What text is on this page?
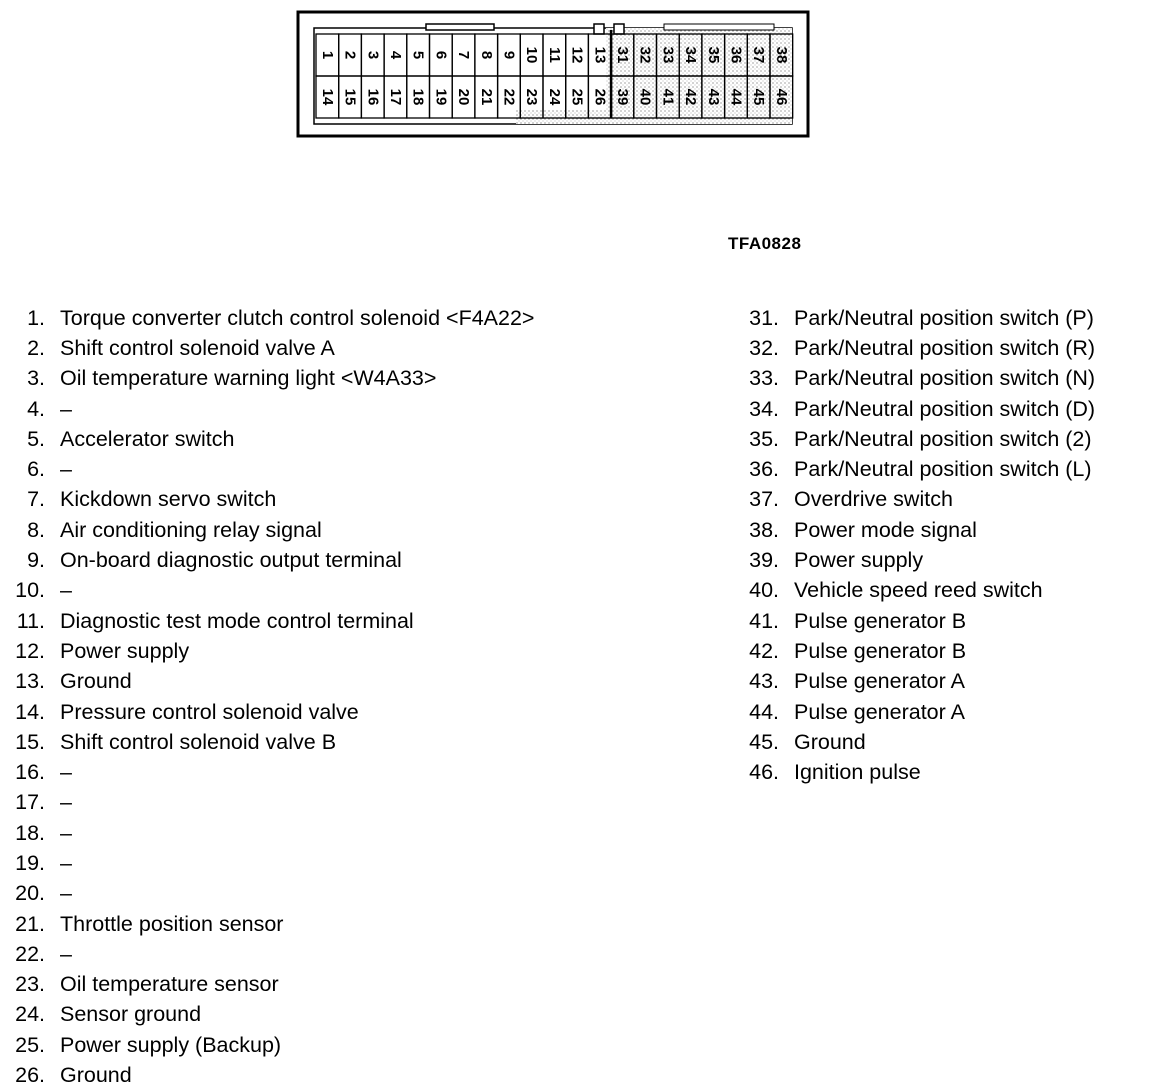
1
14
2
15
3
16
4
17
5
18
6
19
7
20
8
21
9
22
10
23
11
24
12
25
13
26
31
39
32
40
33
41
34
42
35
43
36
44
37
45
38
46
TFA0828
1. Torque converter clutch control solenoid <F4A22>
2. Shift control solenoid valve A
3. Oil temperature warning light <W4A33>
4. –
5. Accelerator switch
6. –
7. Kickdown servo switch
8. Air conditioning relay signal
9. On-board diagnostic output terminal
10. –
11. Diagnostic test mode control terminal
12. Power supply
13. Ground
14. Pressure control solenoid valve
15. Shift control solenoid valve B
16. –
17. –
18. –
19. –
20. –
21. Throttle position sensor
22. –
23. Oil temperature sensor
24. Sensor ground
25. Power supply (Backup)
26. Ground
31. Park/Neutral position switch (P)
32. Park/Neutral position switch (R)
33. Park/Neutral position switch (N)
34. Park/Neutral position switch (D)
35. Park/Neutral position switch (2)
36. Park/Neutral position switch (L)
37. Overdrive switch
38. Power mode signal
39. Power supply
40. Vehicle speed reed switch
41. Pulse generator B
42. Pulse generator B
43. Pulse generator A
44. Pulse generator A
45. Ground
46. Ignition pulse
